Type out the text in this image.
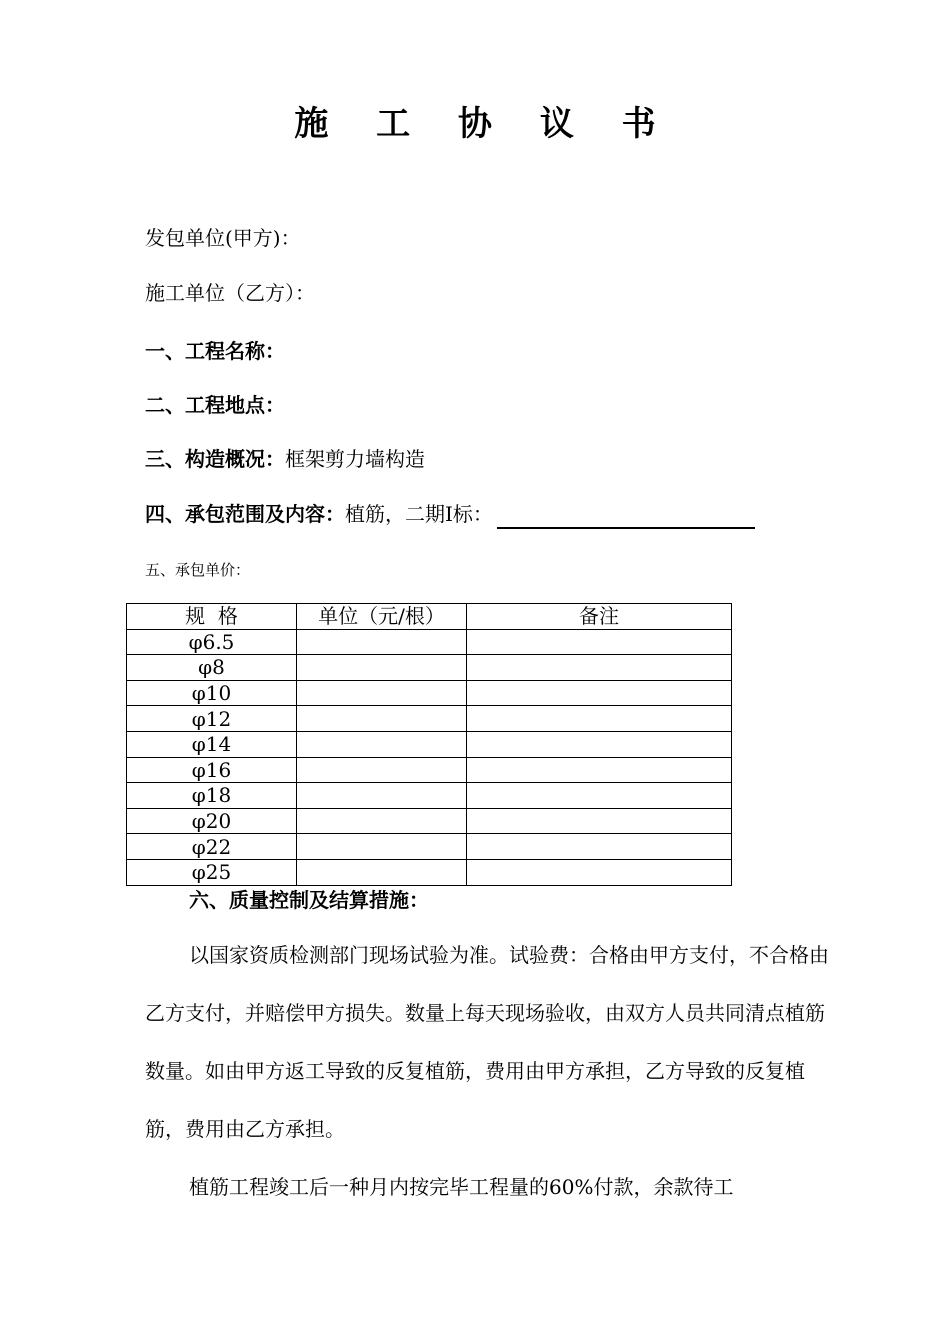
施 工 协 议 书
发包单位(甲方)：
施工单位（乙方）：
一、工程名称：
二、工程地点：
三、构造概况：框架剪力墙构造
四、承包范围及内容：植筋，二期Ⅰ标：
五、承包单价：
规  格	单位（元/根）	备注
φ6.5		
φ8		
φ10		
φ12		
φ14		
φ16		
φ18		
φ20		
φ22		
φ25		
六、质量控制及结算措施：

以国家资质检测部门现场试验为准。试验费：合格由甲方支付，不合格由乙方支付，并赔偿甲方损失。数量上每天现场验收，由双方人员共同清点植筋数量。如由甲方返工导致的反复植筋，费用由甲方承担，乙方导致的反复植筋，费用由乙方承担。

植筋工程竣工后一种月内按完毕工程量的60%付款，余款待工
